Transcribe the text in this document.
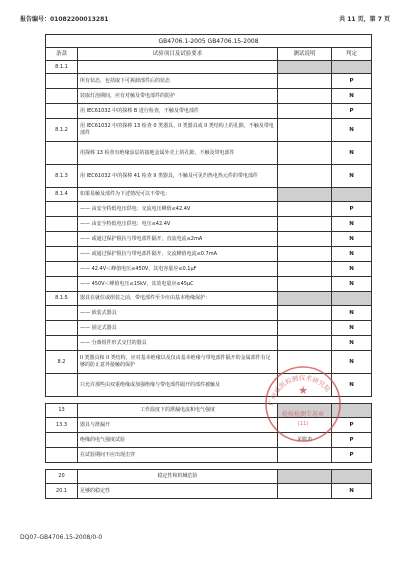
报告编号：01082200013281	共 11 页，第 7 页
GB4706.1-2005 GB4706.15-2008			
条款	试验项目及试验要求	测试说明	判定
8.1.1			
	所有状态，包括取下可拆卸部件后的状态		P
	装取灯泡期间，应有对触及带电部件的防护		N
	用 IEC61032 中的探棒 B 进行检查，不触及带电部件		P
8.1.2	用 IEC61032 中的探棒 13 检查 0 类器具、II 类器具或 II 类结构上的孔隙，不触及带电部件		N
	用探棒 13 检查有绝缘涂层的接地金属外壳上的孔隙，不触及带电部件		N
8.1.3	用 IEC61032 中的探棒 41 检查 II 类器具，不触及可见灼热电热元件的带电部件		N
8.1.4	如果易触及部件为下述情况可以不带电：		
	—— 由安全特低电压供电：交流电压峰值≤42.4V		P
	—— 由安全特低电压供电：电压≤42.4V		N
	—— 或通过保护阻抗与带电部件隔开，直流电流≤2mA		N
	—— 或通过保护阻抗与带电部件隔开，交流峰值电流≤0.7mA		N
	—— 42.4V＜峰值电压≤450V，其电容量应≤0.1μF		N
	—— 450V＜峰值电压≤15kV，其放电量应≤45μC		N
8.1.5	器具在就位或组装之前，带电部件至少应由基本绝缘保护：		
	—— 嵌装式器具		N
	—— 固定式器具		N
	—— 分离组件形式交付的器具		N
8.2	II 类器具和 II 类结构，应对基本绝缘以及仅由基本绝缘与带电部件隔开的金属部件有足够的防止意外接触的保护		N
	只允许那些由双重绝缘或加强绝缘与带电部件隔开的部件被触及		N

13	工作温度下的泄漏电流和电气强度		
13.3	器具与泄漏开		P
	绝缘的电气强度试验	见附表	P
	在试验期间不应出现击穿		P

20	稳定性和机械危险		
20.1	足够的稳定性		N
广州威凯检测技术研究院
★
检验检测专用章
(11)
DQ07-GB4706.15-2008/0-0
